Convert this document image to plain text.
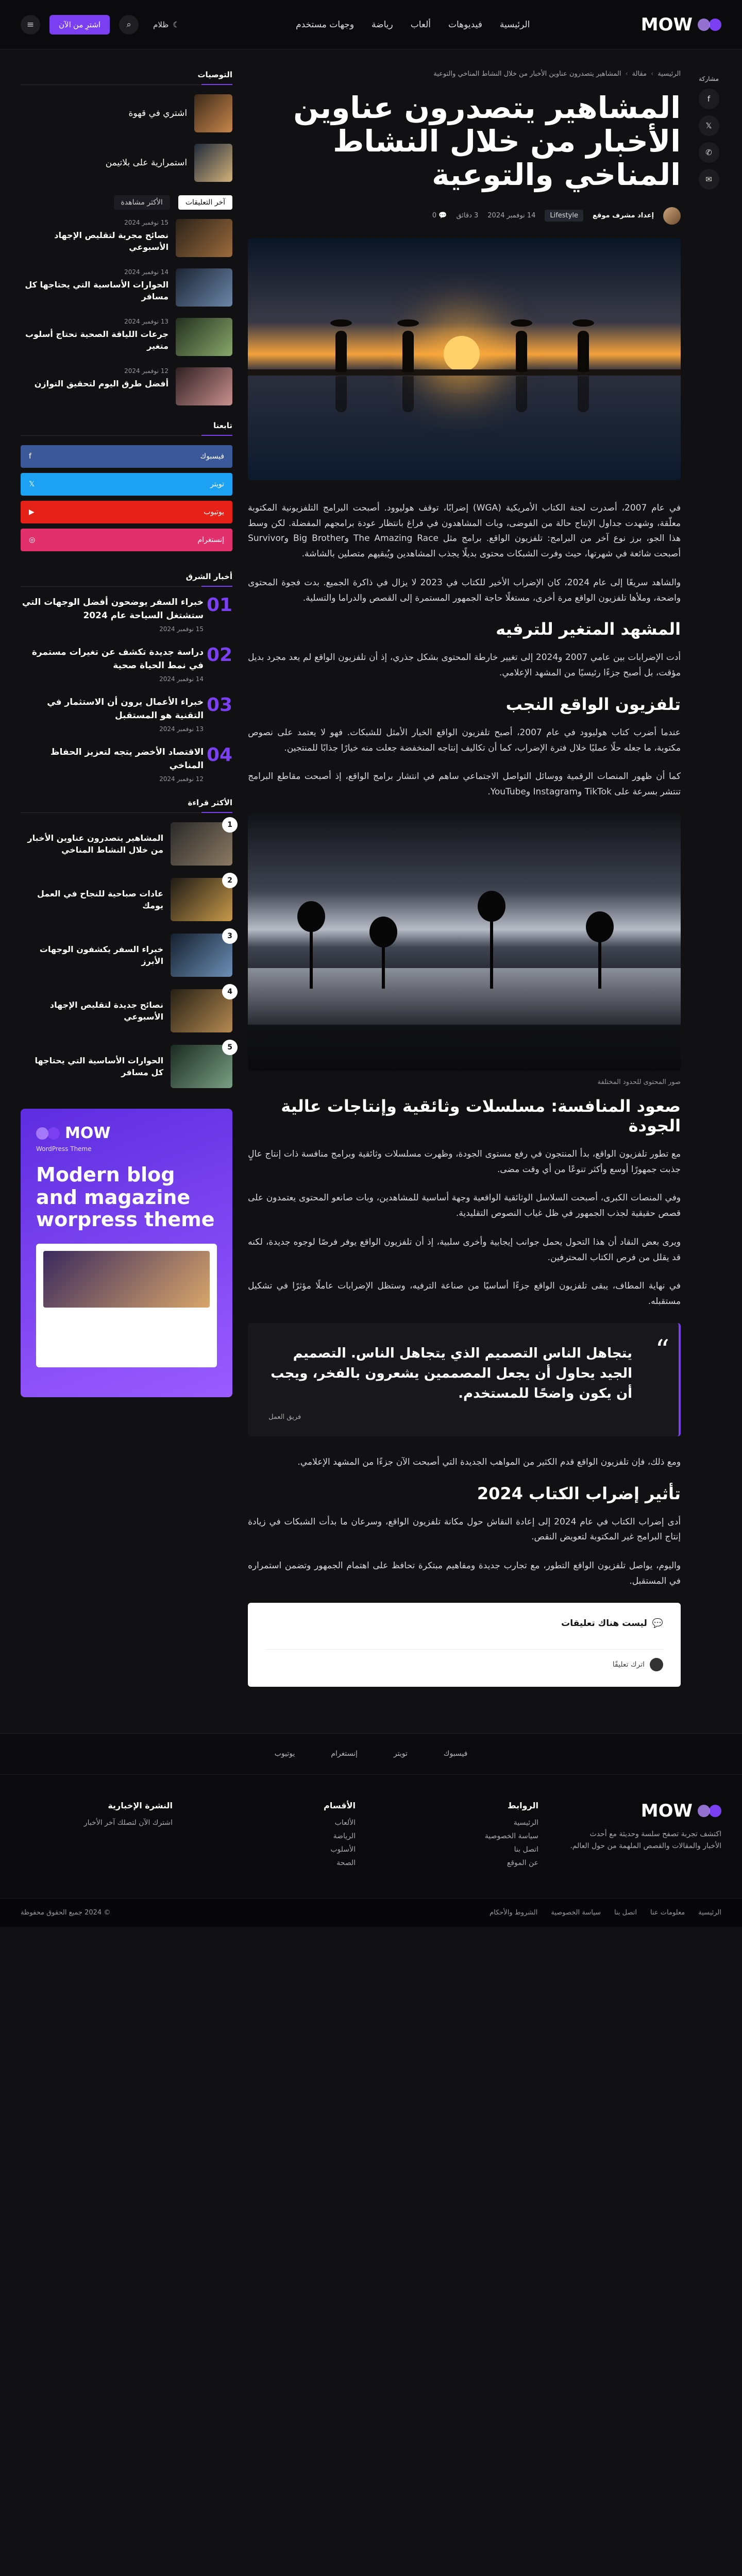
MOW
الرئيسية
فيديوهات
ألعاب
رياضة
وجهات مستخدم
☾
ظلام
⌕
اشترِ من الآن
≡
مشاركة
f
𝕏
✆
✉
الرئيسية
›
مقالة
›
المشاهير يتصدرون عناوين الأخبار من خلال النشاط المناخي والتوعية
المشاهير يتصدرون عناوين الأخبار من خلال النشاط المناخي والتوعية
إعداد مشرف موقع
Lifestyle
14 نوفمبر 2024
3 دقائق
💬 0

في عام 2007، أصدرت لجنة الكتاب الأمريكية (WGA) إضرابًا، توقف هوليوود. أصبحت البرامج التلفزيونية المكتوبة معلّقة، وشهدت جداول الإنتاج حالة من الفوضى، وبات المشاهدون في فراغ بانتظار عودة برامجهم المفضلة. لكن وسط هذا الجو، برز نوع آخر من البرامج: تلفزيون الواقع. برامج مثل The Amazing Race وBig Brother وSurvivor أصبحت شائعة في شهرتها، حيث وفرت الشبكات محتوى بديلًا يجذب المشاهدين ويُبقيهم متصلين بالشاشة.

والشاهد سريعًا إلى عام 2024، كان الإضراب الأخير للكتاب في 2023 لا يزال في ذاكرة الجميع. بدت فجوة المحتوى واضحة، وملأها تلفزيون الواقع مرة أخرى، مستغلًا حاجة الجمهور المستمرة إلى القصص والدراما والتسلية.

المشهد المتغير للترفيه

أدت الإضرابات بين عامي 2007 و2024 إلى تغيير خارطة المحتوى بشكل جذري، إذ أن تلفزيون الواقع لم يعد مجرد بديل مؤقت، بل أصبح جزءًا رئيسيًا من المشهد الإعلامي.

تلفزيون الواقع النجب

عندما أضرب كتاب هوليوود في عام 2007، أصبح تلفزيون الواقع الخيار الأمثل للشبكات. فهو لا يعتمد على نصوص مكتوبة، ما جعله حلًا عمليًا خلال فترة الإضراب، كما أن تكاليف إنتاجه المنخفضة جعلت منه خيارًا جذابًا للمنتجين.

كما أن ظهور المنصات الرقمية ووسائل التواصل الاجتماعي ساهم في انتشار برامج الواقع، إذ أصبحت مقاطع البرامج تنتشر بسرعة على TikTok وInstagram وYouTube.

صور المحتوى للحدود المختلفة
صعود المنافسة: مسلسلات وثائقية وإنتاجات عالية الجودة

مع تطور تلفزيون الواقع، بدأ المنتجون في رفع مستوى الجودة، وظهرت مسلسلات وثائقية وبرامج منافسة ذات إنتاج عالٍ جذبت جمهورًا أوسع وأكثر تنوعًا من أي وقت مضى.

وفي المنصات الكبرى، أصبحت السلاسل الوثائقية الواقعية وجهة أساسية للمشاهدين، وبات صانعو المحتوى يعتمدون على قصص حقيقية لجذب الجمهور في ظل غياب النصوص التقليدية.

ويرى بعض النقاد أن هذا التحول يحمل جوانب إيجابية وأخرى سلبية، إذ أن تلفزيون الواقع يوفر فرصًا لوجوه جديدة، لكنه قد يقلل من فرص الكتاب المحترفين.

في نهاية المطاف، يبقى تلفزيون الواقع جزءًا أساسيًا من صناعة الترفيه، وستظل الإضرابات عاملًا مؤثرًا في تشكيل مستقبله.

“
يتجاهل الناس التصميم الذي يتجاهل الناس. التصميم الجيد يحاول أن يجعل المصممين يشعرون بالفخر، ويجب أن يكون واضحًا للمستخدم.
فريق العمل

ومع ذلك، فإن تلفزيون الواقع قدم الكثير من المواهب الجديدة التي أصبحت الآن جزءًا من المشهد الإعلامي.

تأثير إضراب الكتاب 2024

أدى إضراب الكتاب في عام 2024 إلى إعادة النقاش حول مكانة تلفزيون الواقع، وسرعان ما بدأت الشبكات في زيادة إنتاج البرامج غير المكتوبة لتعويض النقص.

واليوم، يواصل تلفزيون الواقع التطور، مع تجارب جديدة ومفاهيم مبتكرة تحافظ على اهتمام الجمهور وتضمن استمراره في المستقبل.

💬
ليست هناك تعليقات
اترك تعليقًا
التوصيات
اشتري في قهوة
استمرارية على بلاتيمن
آخر التعليقات
الأكثر مشاهدة
15 نوفمبر 2024
نصائح مجربة لتقليص الإجهاد الأسبوعي
14 نوفمبر 2024
الحوارات الأساسية التي يحتاجها كل مسافر
13 نوفمبر 2024
جرعات اللياقة الصحية تحتاج أسلوب متغير
12 نوفمبر 2024
أفضل طرق اليوم لتحقيق التوازن
تابعنا
فيسبوك
f
تويتر
𝕏
يوتيوب
▶
إنستغرام
◎
أخبار الشرق
01
خبراء السفر يوضحون أفضل الوجهات التي ستشتغل السياحة عام 2024
15 نوفمبر 2024
02
دراسة جديدة تكشف عن تغيرات مستمرة في نمط الحياة صحية
14 نوفمبر 2024
03
خبراء الأعمال يرون أن الاستثمار في التقنية هو المستقبل
13 نوفمبر 2024
04
الاقتصاد الأخضر يتجه لتعزيز الحفاظ المناخي
12 نوفمبر 2024
الأكثر قراءة
1
المشاهير يتصدرون عناوين الأخبار من خلال النشاط المناخي
2
عادات صباحية للنجاح في العمل يومك
3
خبراء السفر يكشفون الوجهات الأبرز
4
نصائح جديدة لتقليص الإجهاد الأسبوعي
5
الحوارات الأساسية التي يحتاجها كل مسافر
MOW
WordPress Theme
Modern blog and magazine worpress theme
فيسبوك
تويتر
إنستغرام
يوتيوب
MOW

اكتشف تجربة تصفح سلسة وحديثة مع أحدث الأخبار والمقالات والقصص الملهمة من حول العالم.

الروابط
الرئيسية
سياسة الخصوصية
اتصل بنا
عن الموقع
الأقسام
الألعاب
الرياضة
الأسلوب
الصحة
النشرة الإخبارية
اشترك الآن لتصلك آخر الأخبار
الرئيسية
معلومات عنا
اتصل بنا
سياسة الخصوصية
الشروط والأحكام
© 2024 جميع الحقوق محفوظة
